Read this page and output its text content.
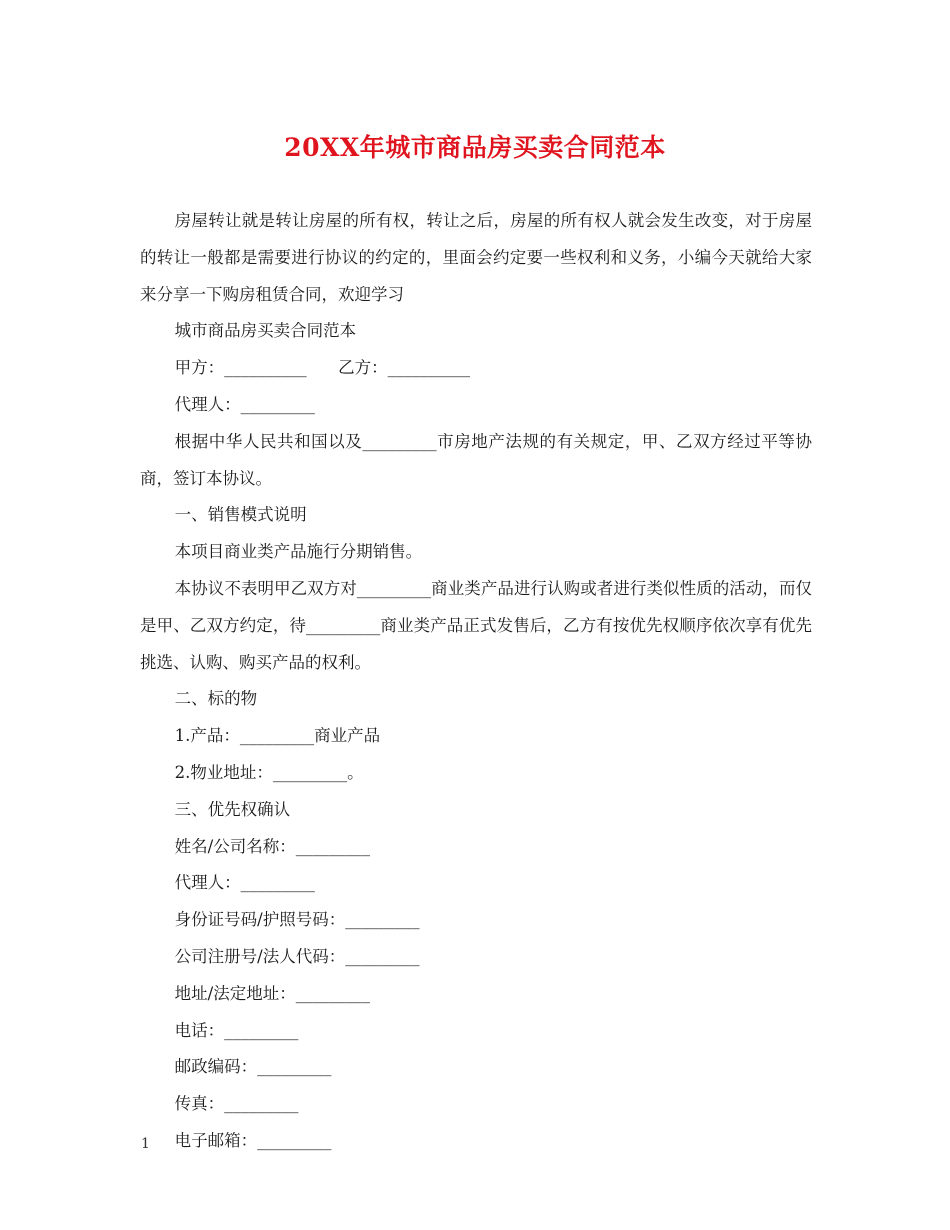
20XX年城市商品房买卖合同范本

房屋转让就是转让房屋的所有权，转让之后，房屋的所有权人就会发生改变，对于房屋的转让一般都是需要进行协议的约定的，里面会约定要一些权利和义务，小编今天就给大家来分享一下购房租赁合同，欢迎学习

城市商品房买卖合同范本

甲方：__________      乙方：__________

代理人：_________

根据中华人民共和国以及_________市房地产法规的有关规定，甲、乙双方经过平等协商，签订本协议。

一、销售模式说明

本项目商业类产品施行分期销售。

本协议不表明甲乙双方对_________商业类产品进行认购或者进行类似性质的活动，而仅是甲、乙双方约定，待_________商业类产品正式发售后，乙方有按优先权顺序依次享有优先挑选、认购、购买产品的权利。

二、标的物

1.产品：_________商业产品

2.物业地址：_________。

三、优先权确认

姓名/公司名称：_________

代理人：_________

身份证号码/护照号码：_________

公司注册号/法人代码：_________

地址/法定地址：_________

电话：_________

邮政编码：_________

传真：_________

电子邮箱：_________

1
